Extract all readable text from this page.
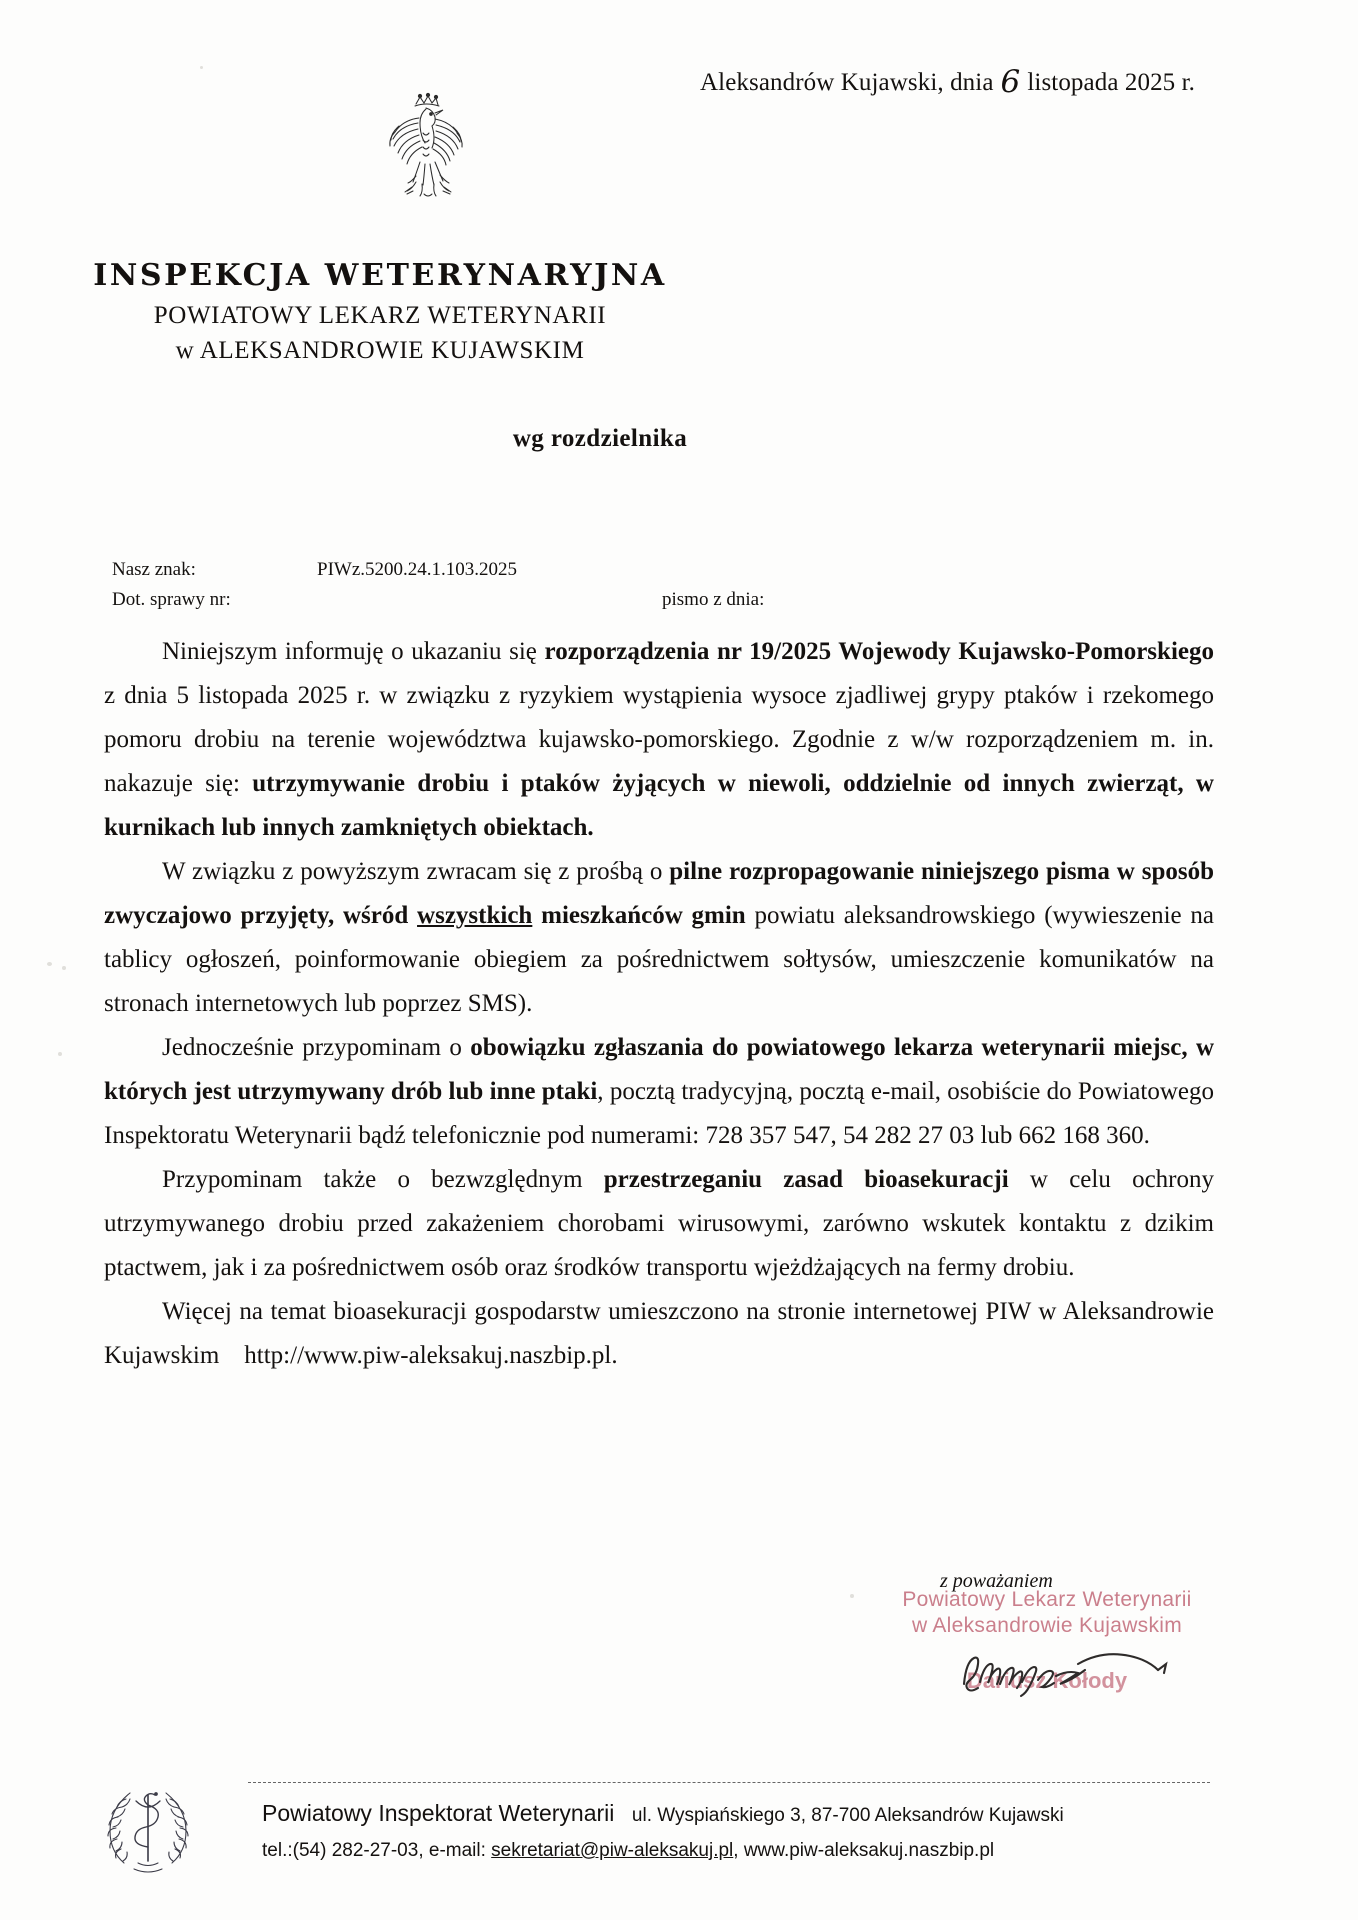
Aleksandrów Kujawski, dnia 6 listopada 2025 r.
INSPEKCJA WETERYNARYJNA
POWIATOWY LEKARZ WETERYNARII
w ALEKSANDROWIE KUJAWSKIM
wg rozdzielnika
Nasz znak:	PIWz.5200.24.1.103.2025
Dot. sprawy nr:	pismo z dnia:

Niniejszym informuję o ukazaniu się rozporządzenia nr 19/2025 Wojewody Kujawsko-Pomorskiego z dnia 5 listopada 2025 r. w związku z ryzykiem wystąpienia wysoce zjadliwej grypy ptaków i rzekomego pomoru drobiu na terenie województwa kujawsko-pomorskiego. Zgodnie z w/w rozporządzeniem m. in. nakazuje się: utrzymywanie drobiu i ptaków żyjących w niewoli, oddzielnie od innych zwierząt, w kurnikach lub innych zamkniętych obiektach.

W związku z powyższym zwracam się z prośbą o pilne rozpropagowanie niniejszego pisma w sposób zwyczajowo przyjęty, wśród wszystkich mieszkańców gmin powiatu aleksandrowskiego (wywieszenie na tablicy ogłoszeń, poinformowanie obiegiem za pośrednictwem sołtysów, umieszczenie komunikatów na stronach internetowych lub poprzez SMS).

Jednocześnie przypominam o obowiązku zgłaszania do powiatowego lekarza weterynarii miejsc, w których jest utrzymywany drób lub inne ptaki, pocztą tradycyjną, pocztą e-mail, osobiście do Powiatowego Inspektoratu Weterynarii bądź telefonicznie pod numerami: 728 357 547, 54 282 27 03 lub 662 168 360.

Przypominam także o bezwzględnym przestrzeganiu zasad bioasekuracji w celu ochrony utrzymywanego drobiu przed zakażeniem chorobami wirusowymi, zarówno wskutek kontaktu z dzikim ptactwem, jak i za pośrednictwem osób oraz środków transportu wjeżdżających na fermy drobiu.

Więcej na temat bioasekuracji gospodarstw umieszczono na stronie internetowej PIW w Aleksandrowie Kujawskim http://www.piw-aleksakuj.naszbip.pl.

z poważaniem
Powiatowy Lekarz Weterynarii
w Aleksandrowie Kujawskim
Dariusz Kołody
Powiatowy Inspektorat Weterynarii ul. Wyspiańskiego 3, 87-700 Aleksandrów Kujawski
tel.:(54) 282-27-03, e-mail: sekretariat@piw-aleksakuj.pl, www.piw-aleksakuj.naszbip.pl
